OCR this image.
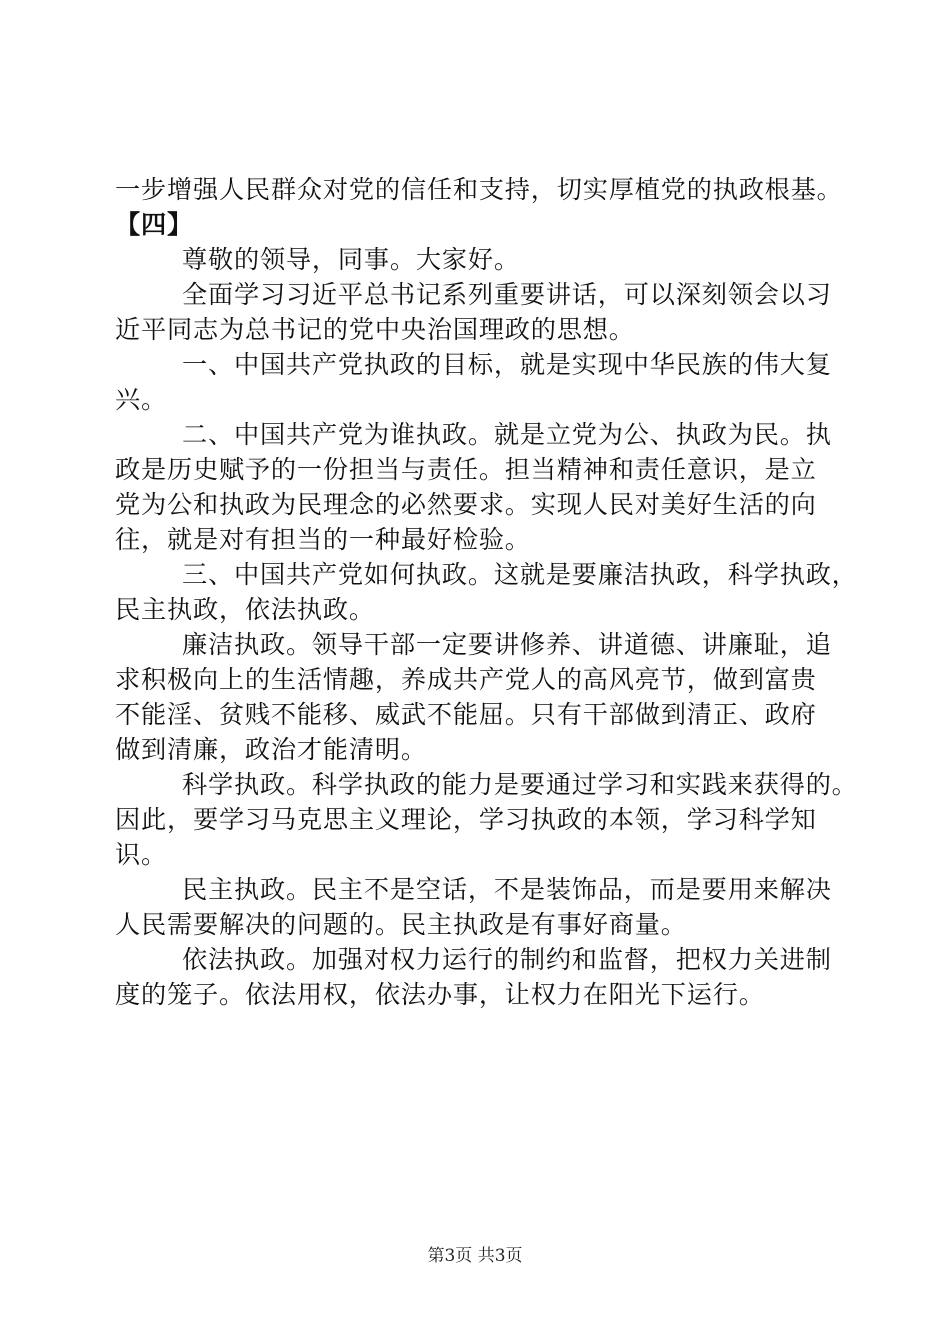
一步增强人民群众对党的信任和支持，切实厚植党的执政根基。
【四】
尊敬的领导，同事。大家好。
全面学习习近平总书记系列重要讲话，可以深刻领会以习
近平同志为总书记的党中央治国理政的思想。
一、中国共产党执政的目标，就是实现中华民族的伟大复
兴。
二、中国共产党为谁执政。就是立党为公、执政为民。执
政是历史赋予的一份担当与责任。担当精神和责任意识，是立
党为公和执政为民理念的必然要求。实现人民对美好生活的向
往，就是对有担当的一种最好检验。
三、中国共产党如何执政。这就是要廉洁执政，科学执政，
民主执政，依法执政。
廉洁执政。领导干部一定要讲修养、讲道德、讲廉耻，追
求积极向上的生活情趣，养成共产党人的高风亮节，做到富贵
不能淫、贫贱不能移、威武不能屈。只有干部做到清正、政府
做到清廉，政治才能清明。
科学执政。科学执政的能力是要通过学习和实践来获得的。
因此，要学习马克思主义理论，学习执政的本领，学习科学知
识。
民主执政。民主不是空话，不是装饰品，而是要用来解决
人民需要解决的问题的。民主执政是有事好商量。
依法执政。加强对权力运行的制约和监督，把权力关进制
度的笼子。依法用权，依法办事，让权力在阳光下运行。
第3页 共3页
